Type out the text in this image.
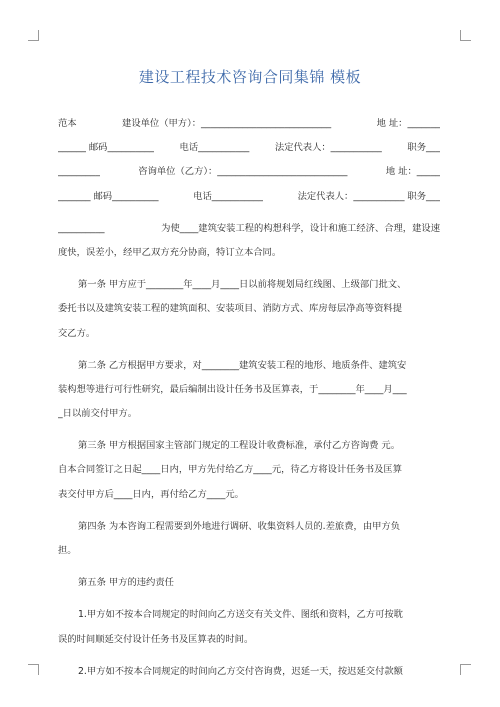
建设工程技术咨询合同集锦 模板
范本	建设单位（甲方）：____________________________	地 址：_______
______ 邮码__________	电话___________	法定代表人：___________	职务___
_________	咨询单位（乙方）：____________________________	地 址：_____
_______ 邮码__________	电话___________	法定代表人：___________ 职务___
__________	为使____建筑安装工程的构想科学，设计和施工经济、合理，建设速
度快，误差小，经甲乙双方充分协商，特订立本合同。
第一条 甲方应于________年____月____日以前将规划局红线图、上级部门批文、
委托书以及建筑安装工程的建筑面积、安装项目、消防方式、库房每层净高等资料提
交乙方。
第二条 乙方根据甲方要求，对________建筑安装工程的地形、地质条件、建筑安
装构想等进行可行性研究，最后编制出设计任务书及匡算表，于________年____月___
_日以前交付甲方。
第三条 甲方根据国家主管部门规定的工程设计收费标准，承付乙方咨询费 元。
自本合同签订之日起____日内，甲方先付给乙方____元，待乙方将设计任务书及匡算
表交付甲方后____日内，再付给乙方____元。
第四条 为本咨询工程需要到外地进行调研、收集资料人员的.差旅费，由甲方负
担。
第五条 甲方的违约责任
1.甲方如不按本合同规定的时间向乙方送交有关文件、图纸和资料，乙方可按耽
误的时间顺延交付设计任务书及匡算表的时间。
2.甲方如不按本合同规定的时间向乙方交付咨询费，迟延一天，按迟延交付款额
